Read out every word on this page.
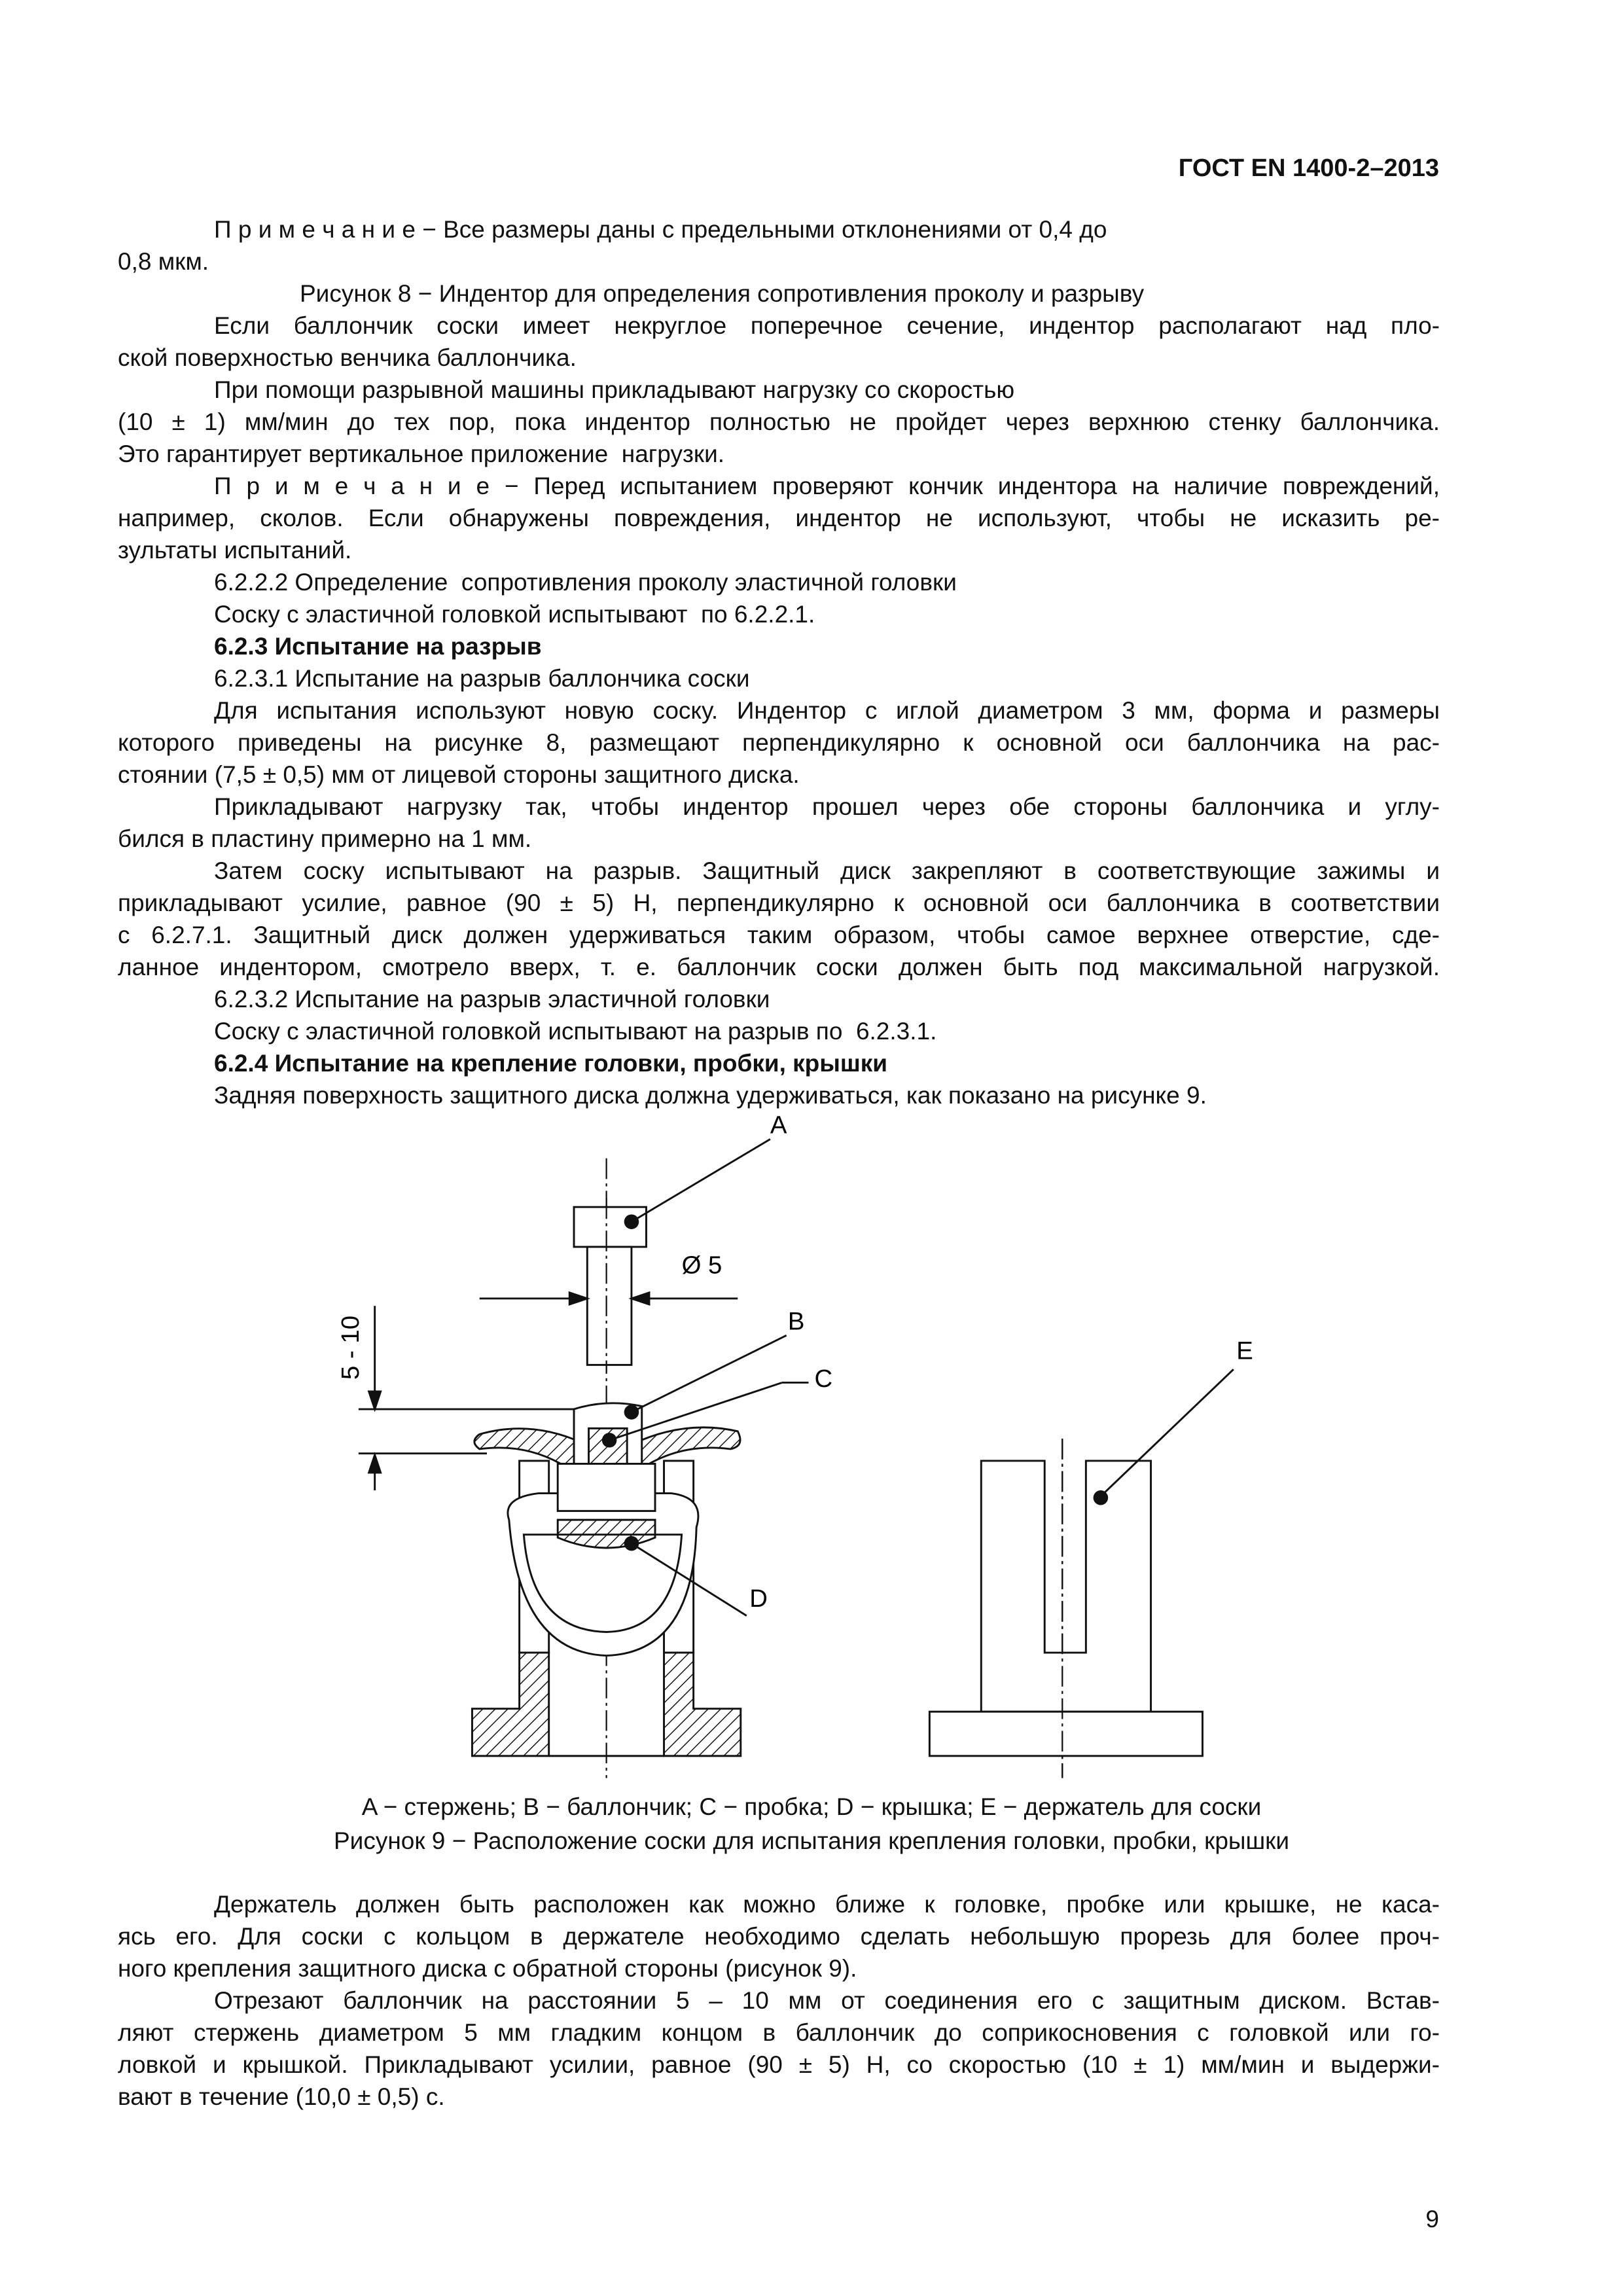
ГОСТ EN 1400-2–2013
П р и м е ч а н и е − Все размеры даны с предельными отклонениями от 0,4 до
0,8 мкм.
Рисунок 8 − Индентор для определения сопротивления проколу и разрыву
Если баллончик соски имеет некруглое поперечное сечение, индентор располагают над пло-
ской поверхностью венчика баллончика.
При помощи разрывной машины прикладывают нагрузку со скоростью
(10 ± 1) мм/мин до тех пор, пока индентор полностью не пройдет через верхнюю стенку баллончика.
Это гарантирует вертикальное приложение  нагрузки.
П р и м е ч а н и е − Перед испытанием проверяют кончик индентора на наличие повреждений,
например, сколов. Если обнаружены повреждения, индентор не используют, чтобы не исказить ре-
зультаты испытаний.
6.2.2.2 Определение  сопротивления проколу эластичной головки
Соску с эластичной головкой испытывают  по 6.2.2.1.
6.2.3 Испытание на разрыв
6.2.3.1 Испытание на разрыв баллончика соски
Для испытания используют новую соску. Индентор с иглой диаметром 3 мм, форма и размеры
которого приведены на рисунке 8, размещают перпендикулярно к основной оси баллончика на рас-
стоянии (7,5 ± 0,5) мм от лицевой стороны защитного диска.
Прикладывают нагрузку так, чтобы индентор прошел через обе стороны баллончика и углу-
бился в пластину примерно на 1 мм.
Затем соску испытывают на разрыв. Защитный диск закрепляют в соответствующие зажимы и
прикладывают усилие, равное (90 ± 5) Н, перпендикулярно к основной оси баллончика в соответствии
с 6.2.7.1. Защитный диск должен удерживаться таким образом, чтобы самое верхнее отверстие, сде-
ланное индентором, смотрело вверх, т. е. баллончик соски должен быть под максимальной нагрузкой.
6.2.3.2 Испытание на разрыв эластичной головки
Соску с эластичной головкой испытывают на разрыв по  6.2.3.1.
6.2.4 Испытание на крепление головки, пробки, крышки
Задняя поверхность защитного диска должна удерживаться, как показано на рисунке 9.
A
B
C
D
E
Ø 5
5 - 10
A − стержень; B − баллончик; C − пробка; D − крышка; E − держатель для соски
Рисунок 9 − Расположение соски для испытания крепления головки, пробки, крышки
Держатель должен быть расположен как можно ближе к головке, пробке или крышке, не каса-
ясь его. Для соски с кольцом в держателе необходимо сделать небольшую прорезь для более проч-
ного крепления защитного диска с обратной стороны (рисунок 9).
Отрезают баллончик на расстоянии 5 – 10 мм от соединения его с защитным диском. Встав-
ляют стержень диаметром 5 мм гладким концом в баллончик до соприкосновения с головкой или го-
ловкой и крышкой. Прикладывают усилии, равное (90 ± 5) Н, со скоростью (10 ± 1) мм/мин и выдержи-
вают в течение (10,0 ± 0,5) с.
9
